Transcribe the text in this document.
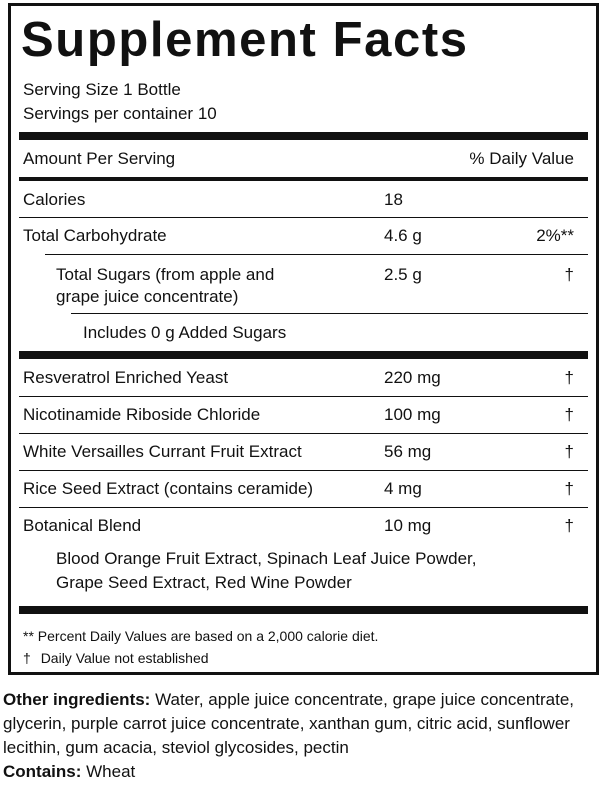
Supplement Facts
Serving Size 1 Bottle
Servings per container 10
Amount Per Serving	% Daily Value
Calories	18
Total Carbohydrate	4.6 g	2%**
Total Sugars (from apple and
grape juice concentrate)
2.5 g	†
Includes 0 g Added Sugars
Resveratrol Enriched Yeast	220 mg	†
Nicotinamide Riboside Chloride	100 mg	†
White Versailles Currant Fruit Extract	56 mg	†
Rice Seed Extract (contains ceramide)	4 mg	†
Botanical Blend	10 mg	†
Blood Orange Fruit Extract, Spinach Leaf Juice Powder,
Grape Seed Extract, Red Wine Powder
** Percent Daily Values are based on a 2,000 calorie diet.
† Daily Value not established
Other ingredients: Water, apple juice concentrate, grape juice concentrate, glycerin, purple carrot juice concentrate, xanthan gum, citric acid, sunflower lecithin, gum acacia, steviol glycosides, pectin
Contains: Wheat
